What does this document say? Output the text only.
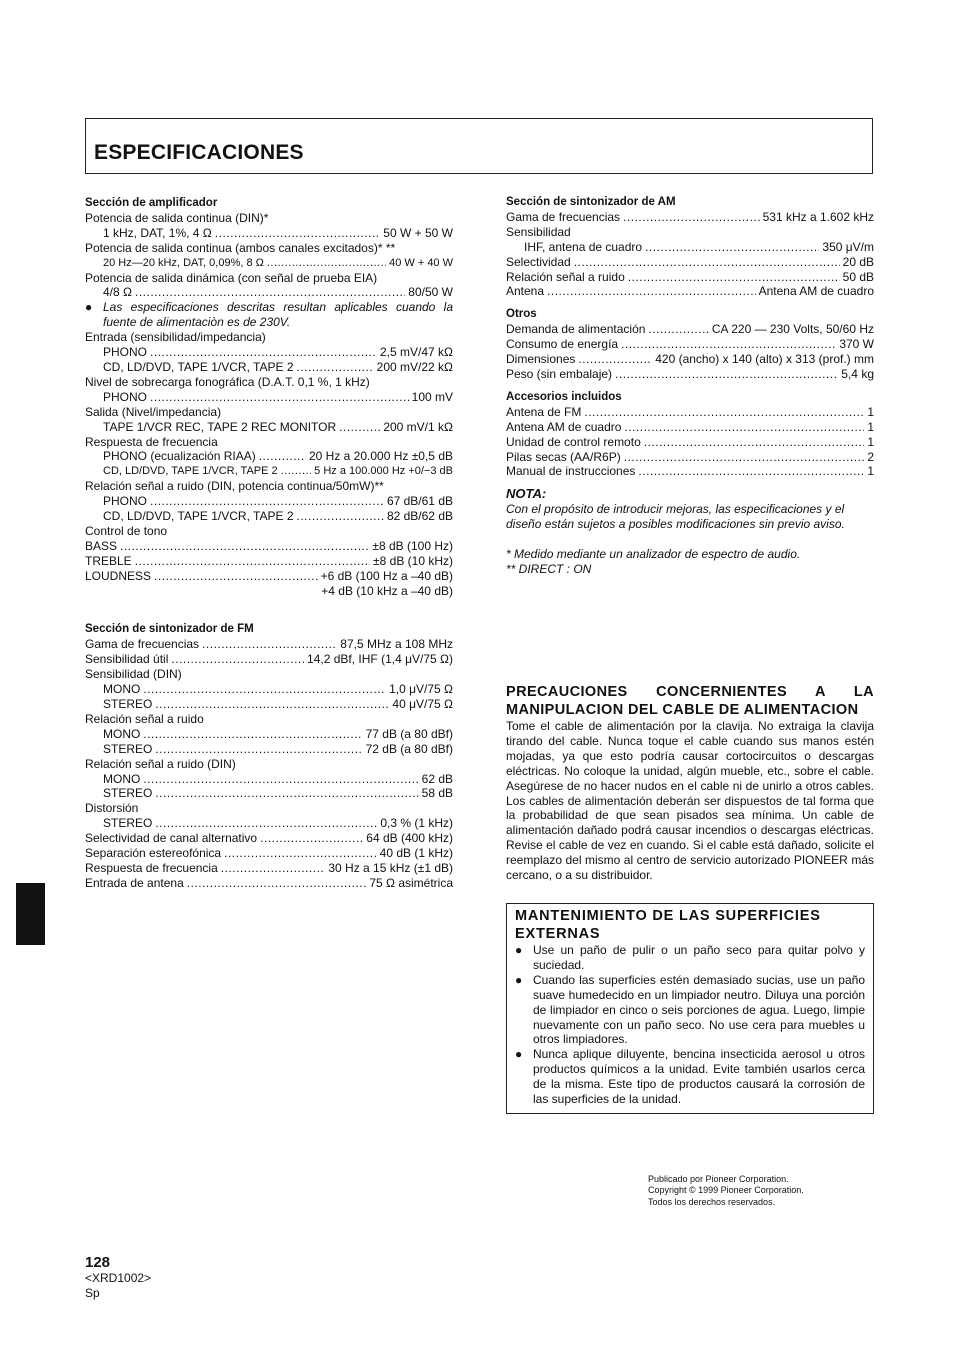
ESPECIFICACIONES
Sección de amplificador
Potencia de salida continua (DIN)*
1 kHz, DAT, 1%, 4 Ω .....	50 W + 50 W
Potencia de salida continua (ambos canales excitados)* **
20 Hz—20 kHz, DAT, 0,09%, 8 Ω .....	40 W + 40 W
Potencia de salida dinámica (con señal de prueba EIA)
4/8 Ω .....	80/50 W
● Las especificaciones descritas resultan aplicables cuando la fuente de alimentaciòn es de 230V.
Entrada (sensibilidad/impedancia)
PHONO .....	2,5 mV/47 kΩ
CD, LD/DVD, TAPE 1/VCR, TAPE 2 .....	200 mV/22 kΩ
Nivel de sobrecarga fonográfica (D.A.T. 0,1 %, 1 kHz)
PHONO .....	100 mV
Salida (Nivel/impedancia)
TAPE 1/VCR REC, TAPE 2 REC MONITOR .....	200 mV/1 kΩ
Respuesta de frecuencia
PHONO (ecualización RIAA) .....	20 Hz a 20.000 Hz ±0,5 dB
CD, LD/DVD, TAPE 1/VCR, TAPE 2 .....	5 Hz a 100.000 Hz +0/−3 dB
Relación señal a ruido (DIN, potencia continua/50mW)**
PHONO .....	67 dB/61 dB
CD, LD/DVD, TAPE 1/VCR, TAPE 2 .....	82 dB/62 dB
Control de tono
BASS .....	±8 dB (100 Hz)
TREBLE .....	±8 dB (10 kHz)
LOUDNESS .....	+6 dB (100 Hz a –40 dB)
+4 dB (10 kHz a –40 dB)
Sección de sintonizador de FM
Gama de frecuencias .....	87,5 MHz a 108 MHz
Sensibilidad útil .....	14,2 dBf, IHF (1,4 μV/75 Ω)
Sensibilidad (DIN)
MONO .....	1,0 μV/75 Ω
STEREO .....	40 μV/75 Ω
Relación señal a ruido
MONO .....	77 dB (a 80 dBf)
STEREO .....	72 dB (a 80 dBf)
Relación señal a ruido (DIN)
MONO .....	62 dB
STEREO .....	58 dB
Distorsión
STEREO .....	0,3 % (1 kHz)
Selectividad de canal alternativo .....	64 dB (400 kHz)
Separación estereofónica .....	40 dB (1 kHz)
Respuesta de frecuencia .....	30 Hz a 15 kHz (±1 dB)
Entrada de antena .....	75 Ω asimétrica
Sección de sintonizador de AM
Gama de frecuencias .....	531 kHz a 1.602 kHz
Sensibilidad
IHF, antena de cuadro .....	350 μV/m
Selectividad .....	20 dB
Relación señal a ruido .....	50 dB
Antena .....	Antena AM de cuadro
Otros
Demanda de alimentación .....	CA 220 — 230 Volts, 50/60 Hz
Consumo de energía .....	370 W
Dimensiones .....	420 (ancho) x 140 (alto) x 313 (prof.) mm
Peso (sin embalaje) .....	5,4 kg
Accesorios incluidos
Antena de FM .....	1
Antena AM de cuadro .....	1
Unidad de control remoto .....	1
Pilas secas (AA/R6P) .....	2
Manual de instrucciones .....	1
NOTA:
Con el propósito de introducir mejoras, las especificaciones y el diseño están sujetos a posibles modificaciones sin previo aviso.
* Medido mediante un analizador de espectro de audio.
** DIRECT : ON
PRECAUCIONES CONCERNIENTES A LA MANIPULACION DEL CABLE DE ALIMENTACION

Tome el cable de alimentación por la clavija. No extraiga la clavija tirando del cable. Nunca toque el cable cuando sus manos estén mojadas, ya que esto podría causar cortocircuitos o descargas eléctricas. No coloque la unidad, algún mueble, etc., sobre el cable. Asegúrese de no hacer nudos en el cable ni de unirlo a otros cables. Los cables de alimentación deberán ser dispuestos de tal forma que la probabilidad de que sean pisados sea mínima. Un cable de alimentación dañado podrá causar incendios o descargas eléctricas. Revise el cable de vez en cuando. Si el cable está dañado, solicite el reemplazo del mismo al centro de servicio autorizado PIONEER más cercano, o a su distribuidor.

MANTENIMIENTO DE LAS SUPERFICIES EXTERNAS
● Use un paño de pulir o un paño seco para quitar polvo y suciedad.
● Cuando las superficies estén demasiado sucias, use un paño suave humedecido en un limpiador neutro. Diluya una porción de limpiador en cinco o seis porciones de agua. Luego, limpie nuevamente con un paño seco. No use cera para muebles u otros limpiadores.
● Nunca aplique diluyente, bencina insecticida aerosol u otros productos químicos a la unidad. Evite también usarlos cerca de la misma. Este tipo de productos causará la corrosión de las superficies de la unidad.
Publicado por Pioneer Corporation.
Copyright © 1999 Pioneer Corporation.
Todos los derechos reservados.
128
<XRD1002>
Sp
